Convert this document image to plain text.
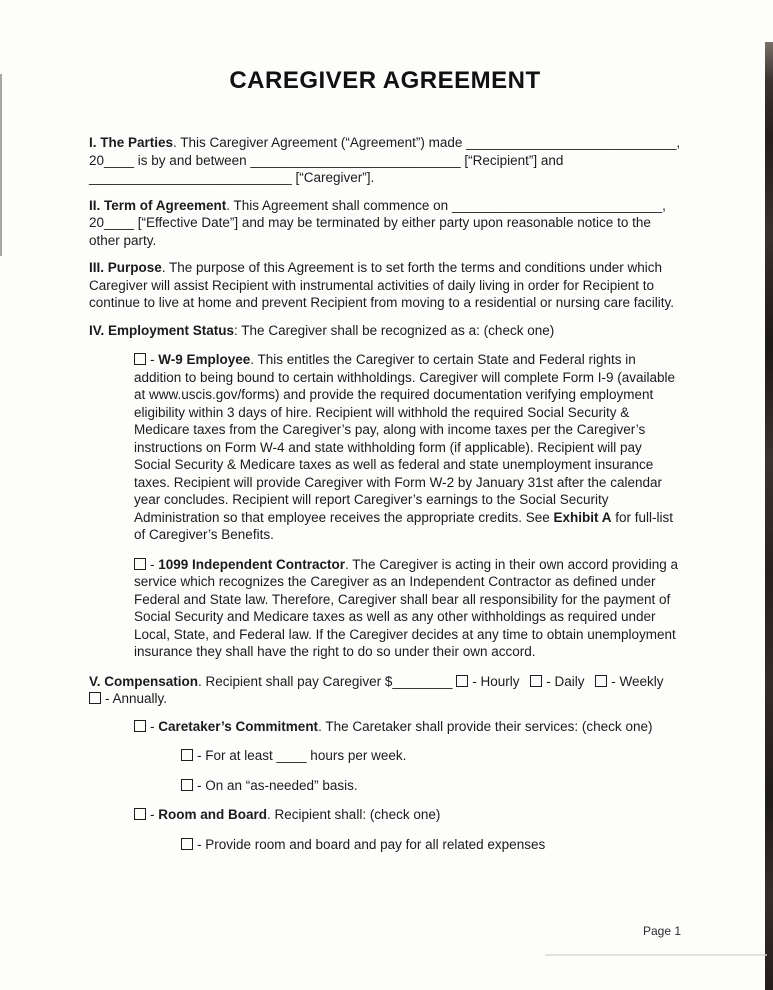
CAREGIVER AGREEMENT

I. The Parties. This Caregiver Agreement (“Agreement”) made ____________________________, 20____ is by and between ____________________________ [“Recipient”] and ___________________________ [“Caregiver”].

II. Term of Agreement. This Agreement shall commence on ____________________________, 20____ [“Effective Date”] and may be terminated by either party upon reasonable notice to the other party.

III. Purpose. The purpose of this Agreement is to set forth the terms and conditions under which Caregiver will assist Recipient with instrumental activities of daily living in order for Recipient to continue to live at home and prevent Recipient from moving to a residential or nursing care facility.

IV. Employment Status: The Caregiver shall be recognized as a: (check one)

- W-9 Employee. This entitles the Caregiver to certain State and Federal rights in addition to being bound to certain withholdings. Caregiver will complete Form I-9 (available at www.uscis.gov/forms) and provide the required documentation verifying employment eligibility within 3 days of hire. Recipient will withhold the required Social Security & Medicare taxes from the Caregiver’s pay, along with income taxes per the Caregiver’s instructions on Form W-4 and state withholding form (if applicable). Recipient will pay Social Security & Medicare taxes as well as federal and state unemployment insurance taxes. Recipient will provide Caregiver with Form W-2 by January 31st after the calendar year concludes. Recipient will report Caregiver’s earnings to the Social Security Administration so that employee receives the appropriate credits. See Exhibit A for full-list of Caregiver’s Benefits.

- 1099 Independent Contractor. The Caregiver is acting in their own accord providing a service which recognizes the Caregiver as an Independent Contractor as defined under Federal and State law. Therefore, Caregiver shall bear all responsibility for the payment of Social Security and Medicare taxes as well as any other withholdings as required under Local, State, and Federal law. If the Caregiver decides at any time to obtain unemployment insurance they shall have the right to do so under their own accord.

V. Compensation. Recipient shall pay Caregiver $________ - Hourly - Daily - Weekly - Annually.

- Caretaker’s Commitment. The Caretaker shall provide their services: (check one)

- For at least ____ hours per week.

- On an “as-needed” basis.

- Room and Board. Recipient shall: (check one)

- Provide room and board and pay for all related expenses

Page 1
